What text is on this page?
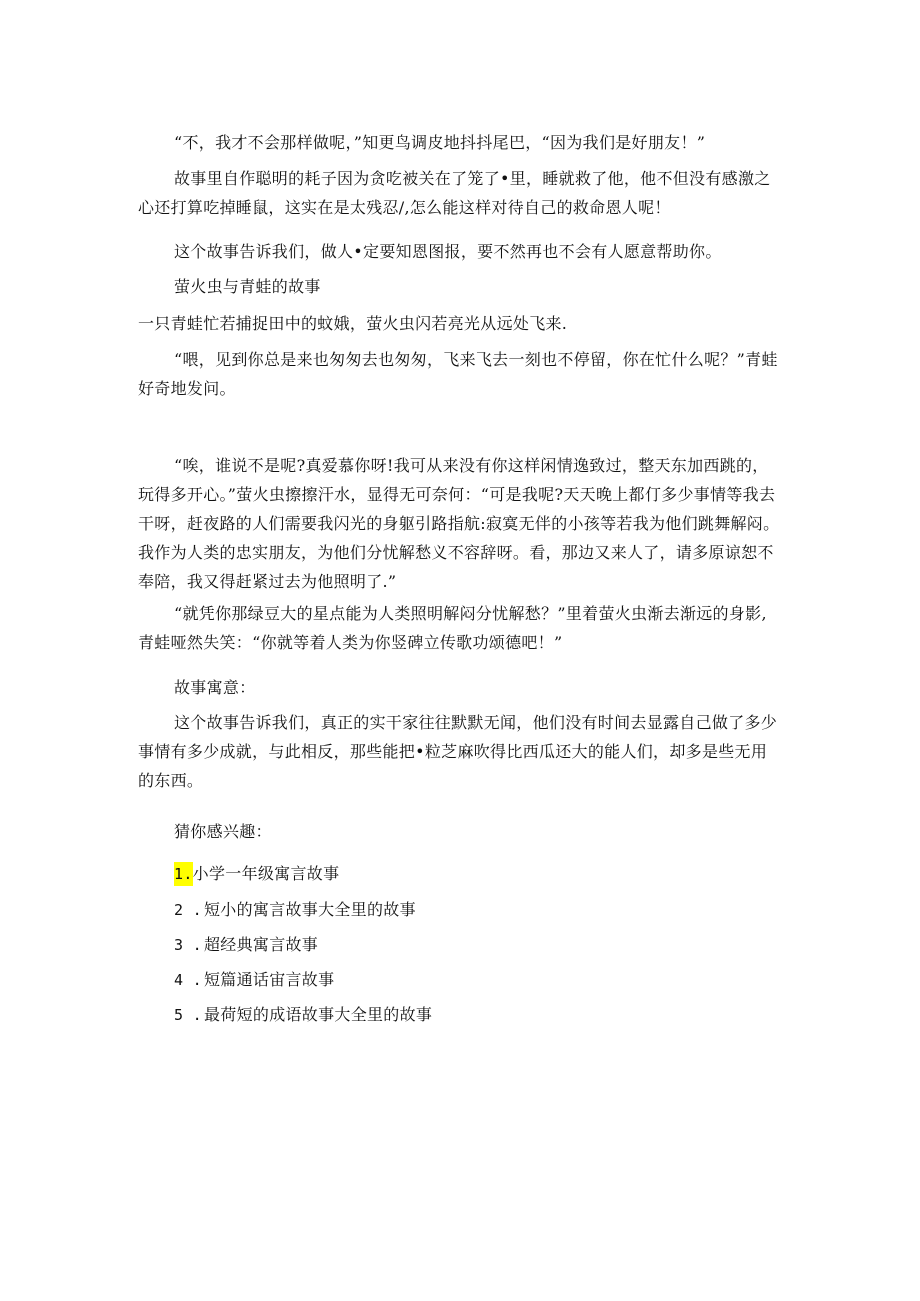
“不，我才不会那样做呢，”知更鸟调皮地抖抖尾巴，“因为我们是好朋友！”

故事里自作聪明的耗子因为贪吃被关在了笼了•里，睡就救了他，他不但没有感激之心还打算吃掉睡鼠，这实在是太残忍/,怎么能这样对待自己的救命恩人呢！

这个故事告诉我们，做人•定要知恩图报，要不然再也不会有人愿意帮助你。

萤火虫与青蛙的故事

一只青蛙忙若捕捉田中的蚊娥，萤火虫闪若亮光从远处飞来.

“喂，见到你总是来也匆匆去也匆匆，飞来飞去一刻也不停留，你在忙什么呢？”青蛙好奇地发问。

“唉，谁说不是呢?真爱慕你呀!我可从来没有你这样闲情逸致过，整天东加西跳的，玩得多开心。”萤火虫擦擦汗水，显得无可奈何：“可是我呢?天天晚上都仃多少事情等我去干呀，赶夜路的人们需要我闪光的身躯引路指航:寂寞无伴的小孩等若我为他们跳舞解闷。我作为人类的忠实朋友，为他们分忧解愁义不容辞呀。看，那边又来人了，请多原谅恕不奉陪，我又得赶紧过去为他照明了.”

“就凭你那绿豆大的星点能为人类照明解闷分忧解愁？”里着萤火虫渐去渐远的身影,青蛙哑然失笑：“你就等着人类为你竖碑立传歌功颂德吧！”

故事寓意：

这个故事告诉我们，真正的实干家往往默默无闻，他们没有时间去显露自己做了多少事情有多少成就，与此相反，那些能把•粒芝麻吹得比西瓜还大的能人们，却多是些无用的东西。

猜你感兴趣：

1.小学一年级寓言故事
2 . 短小的寓言故事大全里的故事
3 . 超经典寓言故事
4 . 短篇通话宙言故事
5 . 最荷短的成语故事大全里的故事
